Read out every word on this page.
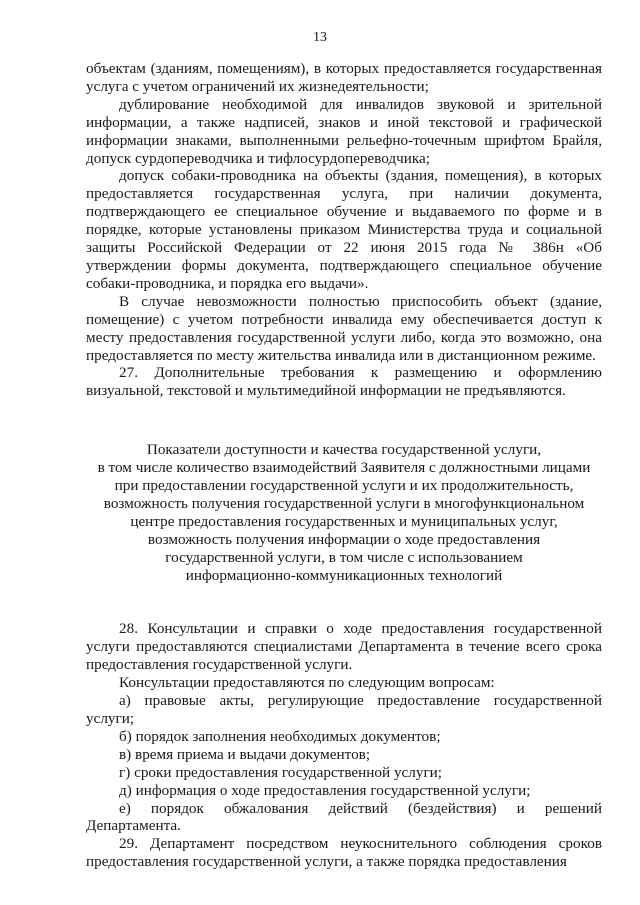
13

объектам (зданиям, помещениям), в которых предоставляется государственная услуга с учетом ограничений их жизнедеятельности;

дублирование необходимой для инвалидов звуковой и зрительной информации, а также надписей, знаков и иной текстовой и графической информации знаками, выполненными рельефно-точечным шрифтом Брайля, допуск сурдопереводчика и тифлосурдопереводчика;

допуск собаки-проводника на объекты (здания, помещения), в которых предоставляется государственная услуга, при наличии документа, подтверждающего ее специальное обучение и выдаваемого по форме и в порядке, которые установлены приказом Министерства труда и социальной защиты Российской Федерации от 22 июня 2015 года № 386н «Об утверждении формы документа, подтверждающего специальное обучение собаки-проводника, и порядка его выдачи».

В случае невозможности полностью приспособить объект (здание, помещение) с учетом потребности инвалида ему обеспечивается доступ к месту предоставления государственной услуги либо, когда это возможно, она предоставляется по месту жительства инвалида или в дистанционном режиме.

27. Дополнительные требования к размещению и оформлению визуальной, текстовой и мультимедийной информации не предъявляются.

Показатели доступности и качества государственной услуги,

в том числе количество взаимодействий Заявителя с должностными лицами

при предоставлении государственной услуги и их продолжительность,

возможность получения государственной услуги в многофункциональном

центре предоставления государственных и муниципальных услуг,

возможность получения информации о ходе предоставления

государственной услуги, в том числе с использованием

информационно-коммуникационных технологий

28. Консультации и справки о ходе предоставления государственной услуги предоставляются специалистами Департамента в течение всего срока предоставления государственной услуги.

Консультации предоставляются по следующим вопросам:

а) правовые акты, регулирующие предоставление государственной услуги;

б) порядок заполнения необходимых документов;

в) время приема и выдачи документов;

г) сроки предоставления государственной услуги;

д) информация о ходе предоставления государственной услуги;

е) порядок обжалования действий (бездействия) и решений Департамента.

29. Департамент посредством неукоснительного соблюдения сроков предоставления государственной услуги, а также порядка предоставления
